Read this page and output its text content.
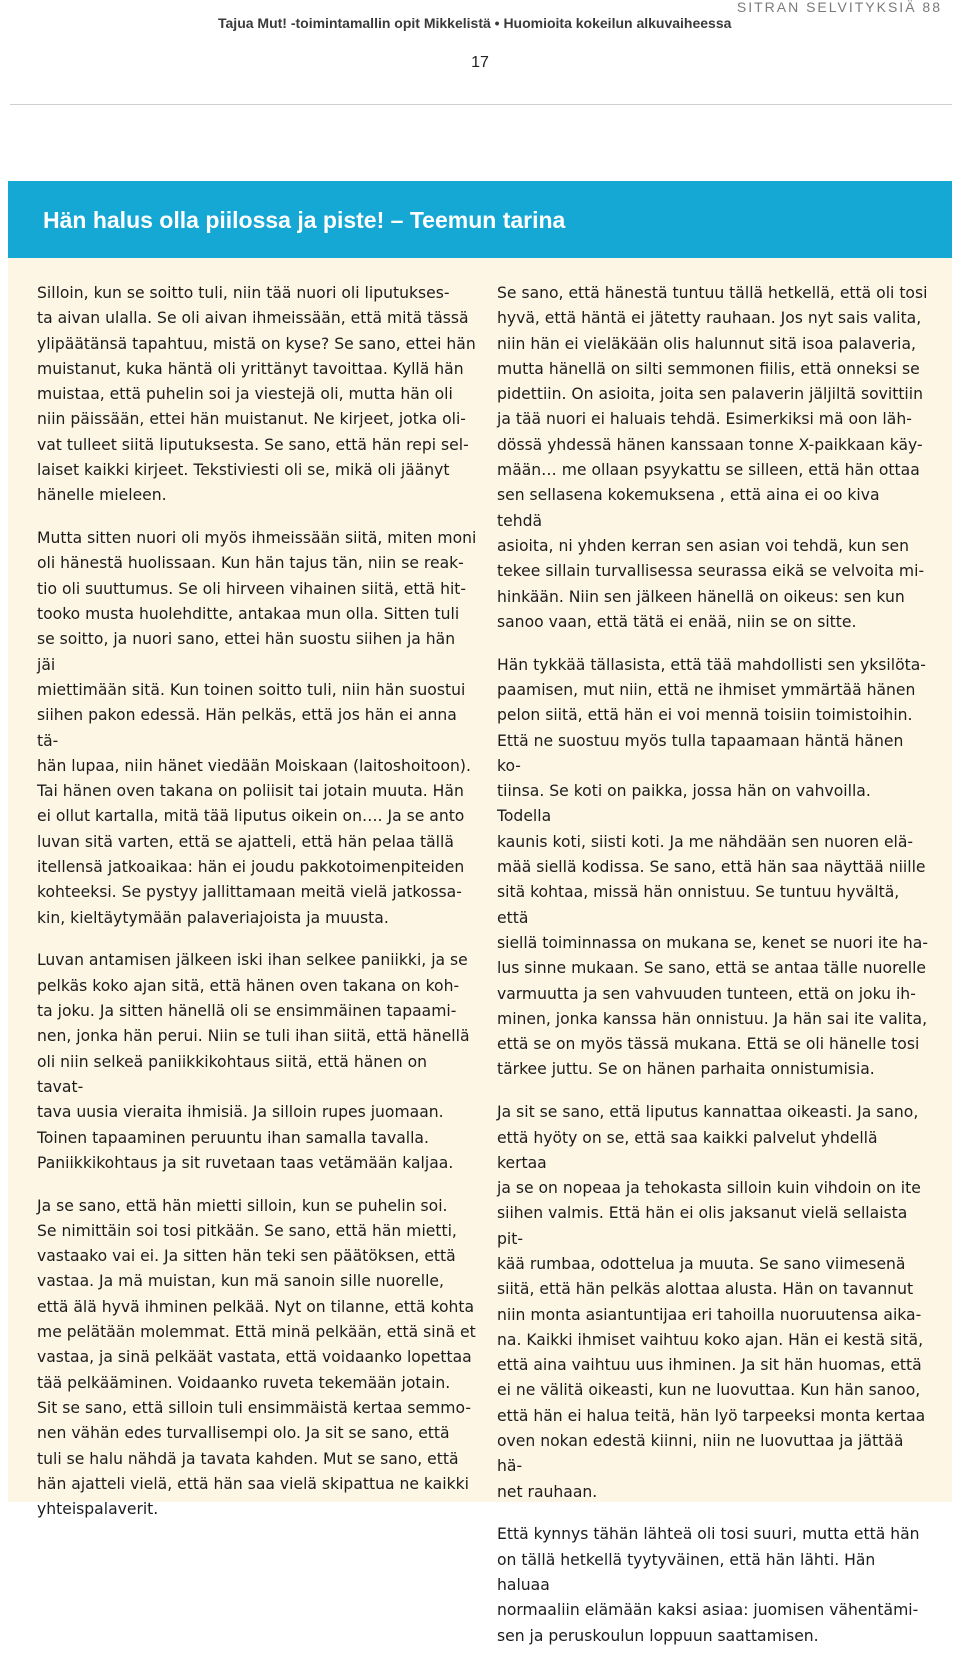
SITRAN SELVITYKSIÄ 88
Tajua Mut! -toimintamallin opit Mikkelistä • Huomioita kokeilun alkuvaiheessa
17
Hän halus olla piilossa ja piste! – Teemun tarina

Silloin, kun se soitto tuli, niin tää nuori oli liputukses-
ta aivan ulalla. Se oli aivan ihmeissään, että mitä tässä
ylipäätänsä tapahtuu, mistä on kyse? Se sano, ettei hän
muistanut, kuka häntä oli yrittänyt tavoittaa. Kyllä hän
muistaa, että puhelin soi ja viestejä oli, mutta hän oli
niin päissään, ettei hän muistanut. Ne kirjeet, jotka oli-
vat tulleet siitä liputuksesta. Se sano, että hän repi sel-
laiset kaikki kirjeet. Tekstiviesti oli se, mikä oli jäänyt
hänelle mieleen.

Mutta sitten nuori oli myös ihmeissään siitä, miten moni
oli hänestä huolissaan. Kun hän tajus tän, niin se reak-
tio oli suuttumus. Se oli hirveen vihainen siitä, että hit-
tooko musta huolehditte, antakaa mun olla. Sitten tuli
se soitto, ja nuori sano, ettei hän suostu siihen ja hän jäi
miettimään sitä. Kun toinen soitto tuli, niin hän suostui
siihen pakon edessä. Hän pelkäs, että jos hän ei anna tä-
hän lupaa, niin hänet viedään Moiskaan (laitoshoitoon).
Tai hänen oven takana on poliisit tai jotain muuta. Hän
ei ollut kartalla, mitä tää liputus oikein on…. Ja se anto
luvan sitä varten, että se ajatteli, että hän pelaa tällä
itellensä jatkoaikaa: hän ei joudu pakkotoimenpiteiden
kohteeksi. Se pystyy jallittamaan meitä vielä jatkossa-
kin, kieltäytymään palaveriajoista ja muusta.

Luvan antamisen jälkeen iski ihan selkee paniikki, ja se
pelkäs koko ajan sitä, että hänen oven takana on koh-
ta joku. Ja sitten hänellä oli se ensimmäinen tapaami-
nen, jonka hän perui. Niin se tuli ihan siitä, että hänellä
oli niin selkeä paniikkikohtaus siitä, että hänen on tavat-
tava uusia vieraita ihmisiä. Ja silloin rupes juomaan.
Toinen tapaaminen peruuntu ihan samalla tavalla.
Paniikkikohtaus ja sit ruvetaan taas vetämään kaljaa.

Ja se sano, että hän mietti silloin, kun se puhelin soi.
Se nimittäin soi tosi pitkään. Se sano, että hän mietti,
vastaako vai ei. Ja sitten hän teki sen päätöksen, että
vastaa. Ja mä muistan, kun mä sanoin sille nuorelle,
että älä hyvä ihminen pelkää. Nyt on tilanne, että kohta
me pelätään molemmat. Että minä pelkään, että sinä et
vastaa, ja sinä pelkäät vastata, että voidaanko lopettaa
tää pelkääminen. Voidaanko ruveta tekemään jotain.
Sit se sano, että silloin tuli ensimmäistä kertaa semmo-
nen vähän edes turvallisempi olo. Ja sit se sano, että
tuli se halu nähdä ja tavata kahden. Mut se sano, että
hän ajatteli vielä, että hän saa vielä skipattua ne kaikki
yhteispalaverit.

Se sano, että hänestä tuntuu tällä hetkellä, että oli tosi
hyvä, että häntä ei jätetty rauhaan. Jos nyt sais valita,
niin hän ei vieläkään olis halunnut sitä isoa palaveria,
mutta hänellä on silti semmonen fiilis, että onneksi se
pidettiin. On asioita, joita sen palaverin jäljiltä sovittiin
ja tää nuori ei haluais tehdä. Esimerkiksi mä oon läh-
dössä yhdessä hänen kanssaan tonne X-paikkaan käy-
mään… me ollaan psyykattu se silleen, että hän ottaa
sen sellasena kokemuksena , että aina ei oo kiva tehdä
asioita, ni yhden kerran sen asian voi tehdä, kun sen
tekee sillain turvallisessa seurassa eikä se velvoita mi-
hinkään. Niin sen jälkeen hänellä on oikeus: sen kun
sanoo vaan, että tätä ei enää, niin se on sitte.

Hän tykkää tällasista, että tää mahdollisti sen yksilöta-
paamisen, mut niin, että ne ihmiset ymmärtää hänen
pelon siitä, että hän ei voi mennä toisiin toimistoihin.
Että ne suostuu myös tulla tapaamaan häntä hänen ko-
tiinsa. Se koti on paikka, jossa hän on vahvoilla. Todella
kaunis koti, siisti koti. Ja me nähdään sen nuoren elä-
mää siellä kodissa. Se sano, että hän saa näyttää niille
sitä kohtaa, missä hän onnistuu. Se tuntuu hyvältä, että
siellä toiminnassa on mukana se, kenet se nuori ite ha-
lus sinne mukaan. Se sano, että se antaa tälle nuorelle
varmuutta ja sen vahvuuden tunteen, että on joku ih-
minen, jonka kanssa hän onnistuu. Ja hän sai ite valita,
että se on myös tässä mukana. Että se oli hänelle tosi
tärkee juttu. Se on hänen parhaita onnistumisia.

Ja sit se sano, että liputus kannattaa oikeasti. Ja sano,
että hyöty on se, että saa kaikki palvelut yhdellä kertaa
ja se on nopeaa ja tehokasta silloin kuin vihdoin on ite
siihen valmis. Että hän ei olis jaksanut vielä sellaista pit-
kää rumbaa, odottelua ja muuta. Se sano viimesenä
siitä, että hän pelkäs alottaa alusta. Hän on tavannut
niin monta asiantuntijaa eri tahoilla nuoruutensa aika-
na. Kaikki ihmiset vaihtuu koko ajan. Hän ei kestä sitä,
että aina vaihtuu uus ihminen. Ja sit hän huomas, että
ei ne välitä oikeasti, kun ne luovuttaa. Kun hän sanoo,
että hän ei halua teitä, hän lyö tarpeeksi monta kertaa
oven nokan edestä kiinni, niin ne luovuttaa ja jättää hä-
net rauhaan.

Että kynnys tähän lähteä oli tosi suuri, mutta että hän
on tällä hetkellä tyytyväinen, että hän lähti. Hän haluaa
normaaliin elämään kaksi asiaa: juomisen vähentämi-
sen ja peruskoulun loppuun saattamisen.
